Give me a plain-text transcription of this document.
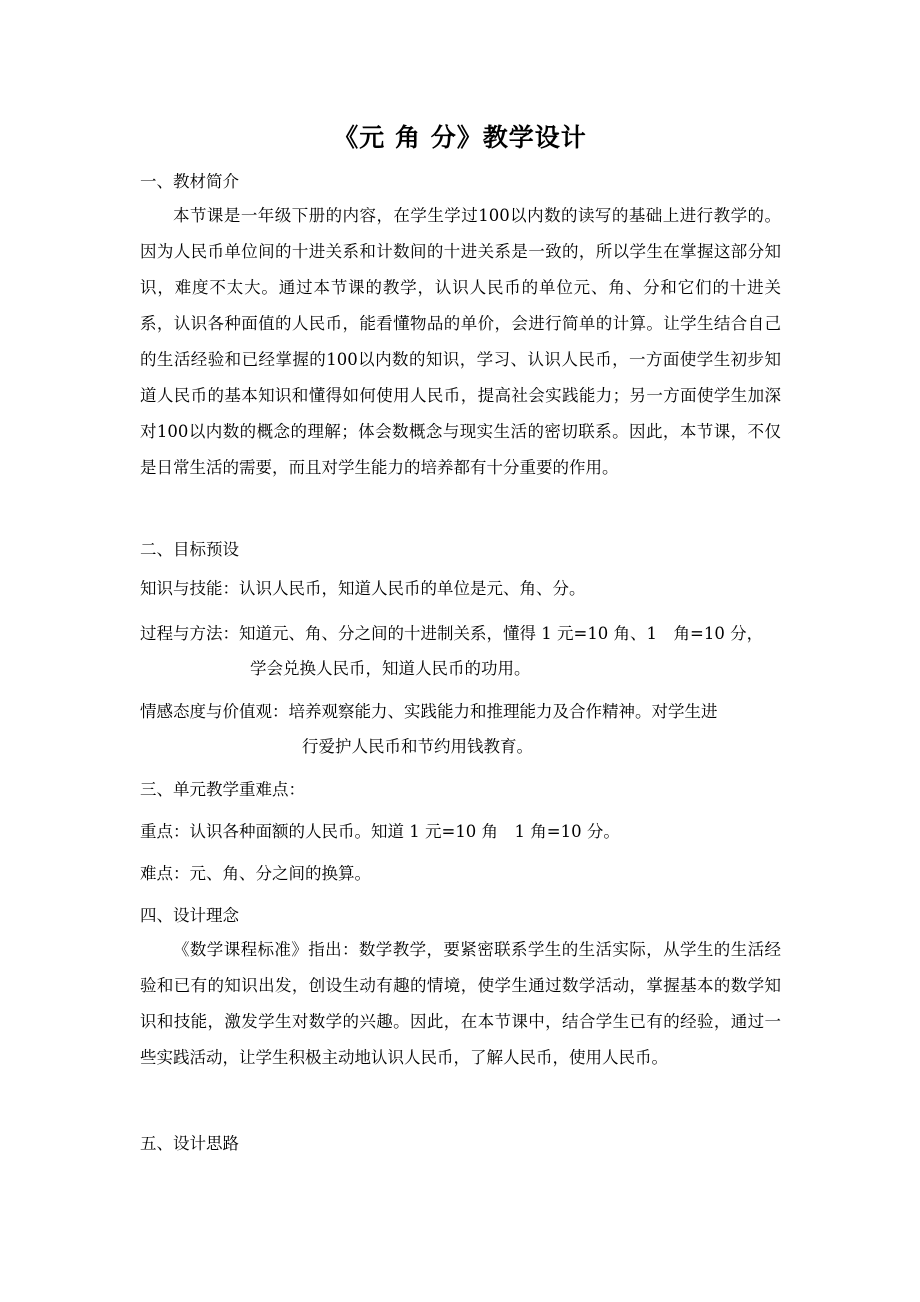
《元 角 分》教学设计
一、教材简介
本节课是一年级下册的内容，在学生学过100以内数的读写的基础上进行教学的。因为人民币单位间的十进关系和计数间的十进关系是一致的，所以学生在掌握这部分知识，难度不太大。通过本节课的教学，认识人民币的单位元、角、分和它们的十进关系，认识各种面值的人民币，能看懂物品的单价，会进行简单的计算。让学生结合自己的生活经验和已经掌握的100以内数的知识，学习、认识人民币，一方面使学生初步知道人民币的基本知识和懂得如何使用人民币，提高社会实践能力；另一方面使学生加深对100以内数的概念的理解；体会数概念与现实生活的密切联系。因此，本节课，不仅是日常生活的需要，而且对学生能力的培养都有十分重要的作用。
二、目标预设
知识与技能：认识人民币，知道人民币的单位是元、角、分。
过程与方法：知道元、角、分之间的十进制关系，懂得 1 元=10 角、1　角=10 分，
学会兑换人民币，知道人民币的功用。
情感态度与价值观：培养观察能力、实践能力和推理能力及合作精神。对学生进
行爱护人民币和节约用钱教育。
三、单元教学重难点：
重点：认识各种面额的人民币。知道 1 元=10 角　1 角=10 分。
难点：元、角、分之间的换算。
四、设计理念
《数学课程标准》指出：数学教学，要紧密联系学生的生活实际，从学生的生活经验和已有的知识出发，创设生动有趣的情境，使学生通过数学活动，掌握基本的数学知识和技能，激发学生对数学的兴趣。因此，在本节课中，结合学生已有的经验，通过一些实践活动，让学生积极主动地认识人民币，了解人民币，使用人民币。
五、设计思路
